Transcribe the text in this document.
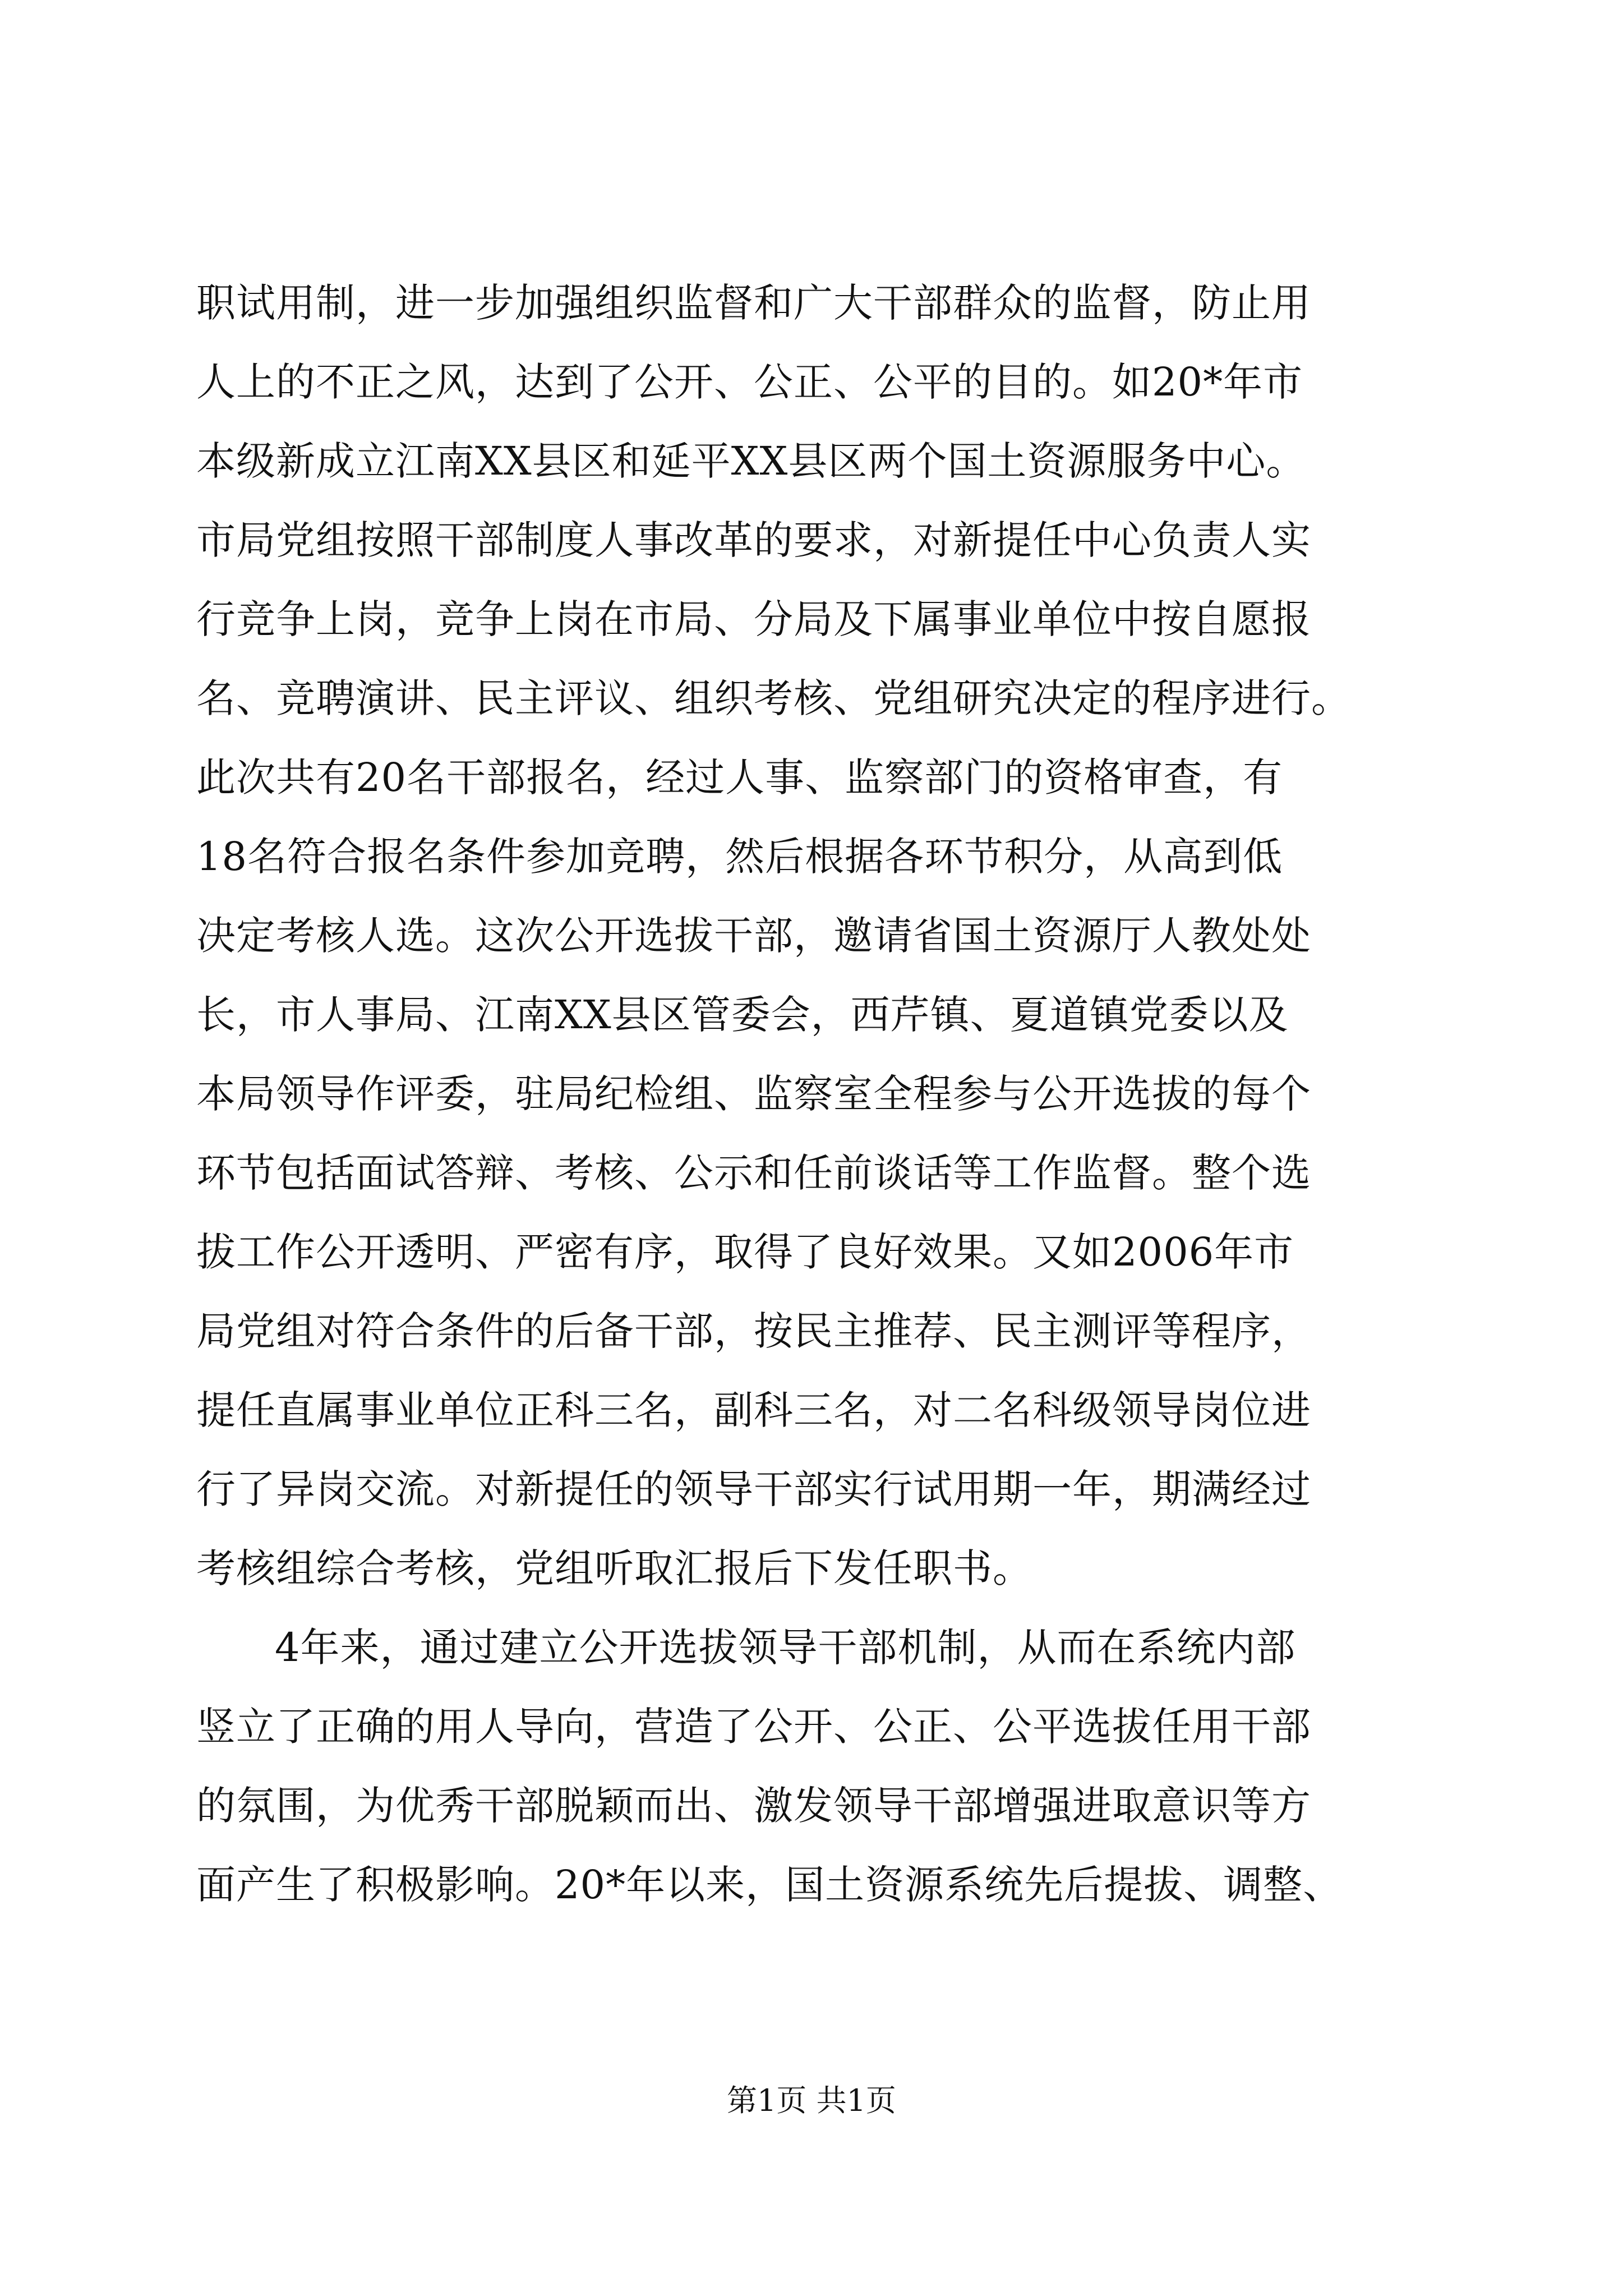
职试用制，进一步加强组织监督和广大干部群众的监督，防止用
人上的不正之风，达到了公开、公正、公平的目的。如20*年市
本级新成立江南XX县区和延平XX县区两个国土资源服务中心。
市局党组按照干部制度人事改革的要求，对新提任中心负责人实
行竞争上岗，竞争上岗在市局、分局及下属事业单位中按自愿报
名、竞聘演讲、民主评议、组织考核、党组研究决定的程序进行。
此次共有20名干部报名，经过人事、监察部门的资格审查，有
18名符合报名条件参加竞聘，然后根据各环节积分，从高到低
决定考核人选。这次公开选拔干部，邀请省国土资源厅人教处处
长，市人事局、江南XX县区管委会，西芹镇、夏道镇党委以及
本局领导作评委，驻局纪检组、监察室全程参与公开选拔的每个
环节包括面试答辩、考核、公示和任前谈话等工作监督。整个选
拔工作公开透明、严密有序，取得了良好效果。又如2006年市
局党组对符合条件的后备干部，按民主推荐、民主测评等程序，
提任直属事业单位正科三名，副科三名，对二名科级领导岗位进
行了异岗交流。对新提任的领导干部实行试用期一年，期满经过
考核组综合考核，党组听取汇报后下发任职书。
4年来，通过建立公开选拔领导干部机制，从而在系统内部
竖立了正确的用人导向，营造了公开、公正、公平选拔任用干部
的氛围，为优秀干部脱颖而出、激发领导干部增强进取意识等方
面产生了积极影响。20*年以来，国土资源系统先后提拔、调整、
第1页 共1页
